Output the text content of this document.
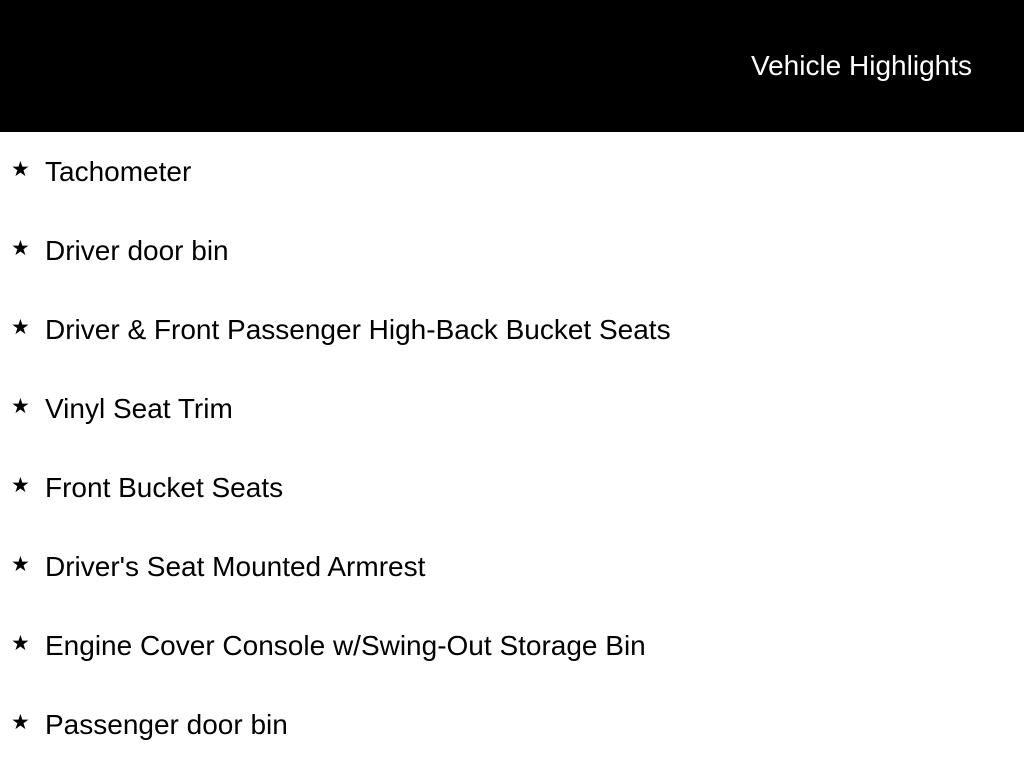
Vehicle Highlights
★ Tachometer
★ Driver door bin
★ Driver & Front Passenger High-Back Bucket Seats
★ Vinyl Seat Trim
★ Front Bucket Seats
★ Driver's Seat Mounted Armrest
★ Engine Cover Console w/Swing-Out Storage Bin
★ Passenger door bin
